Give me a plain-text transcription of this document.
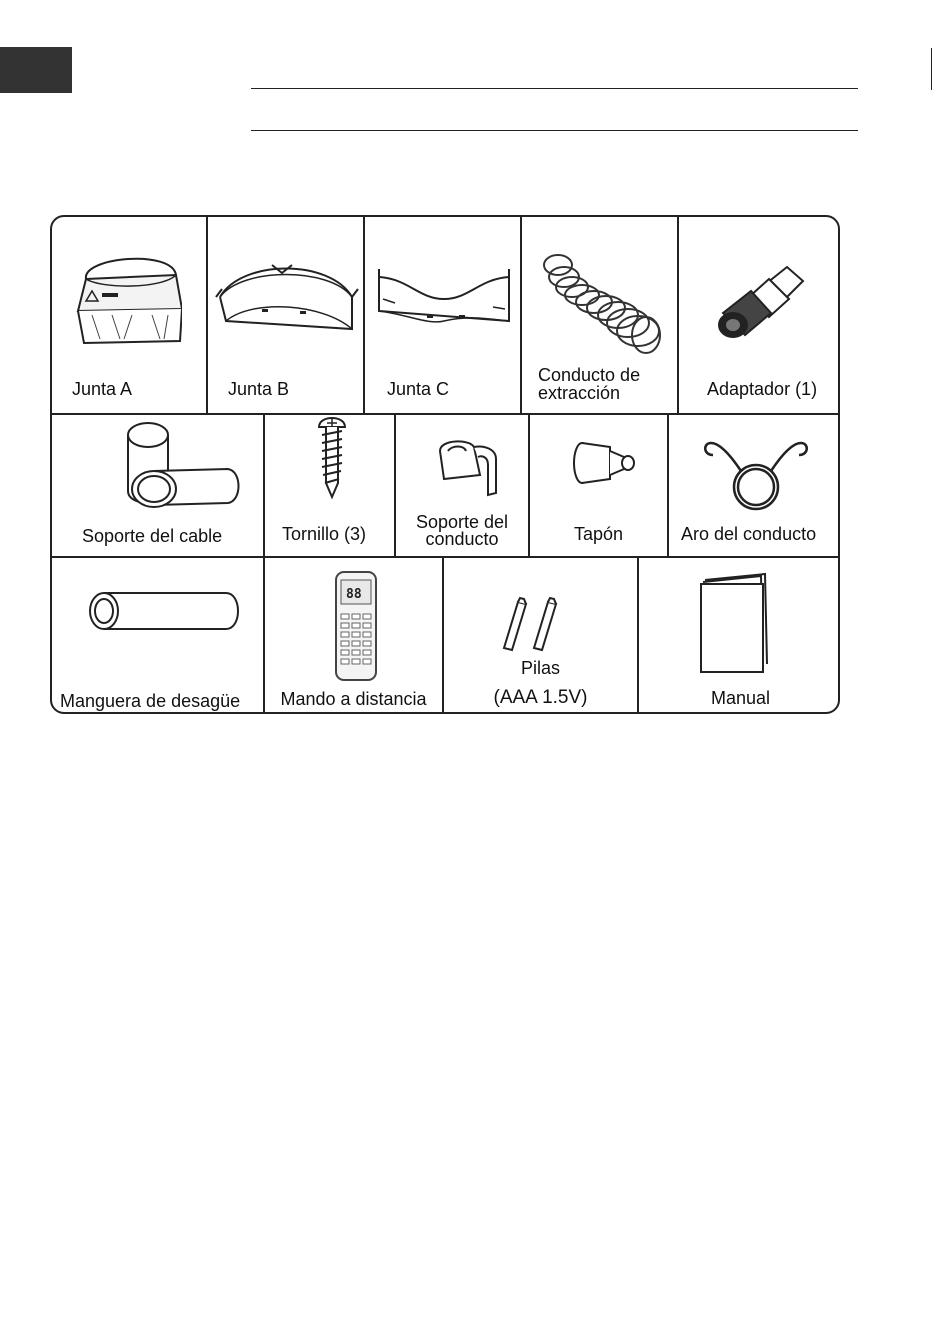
Junta A	Junta B	Junta C
Conducto de
extracción	Adaptador (1)
Soporte del cable	Tornillo (3)
Soporte del
conducto	Tapón	Aro del conducto
Manguera de desagüe
88
Mando a distancia
Pilas
(AAA 1.5V)	Manual
